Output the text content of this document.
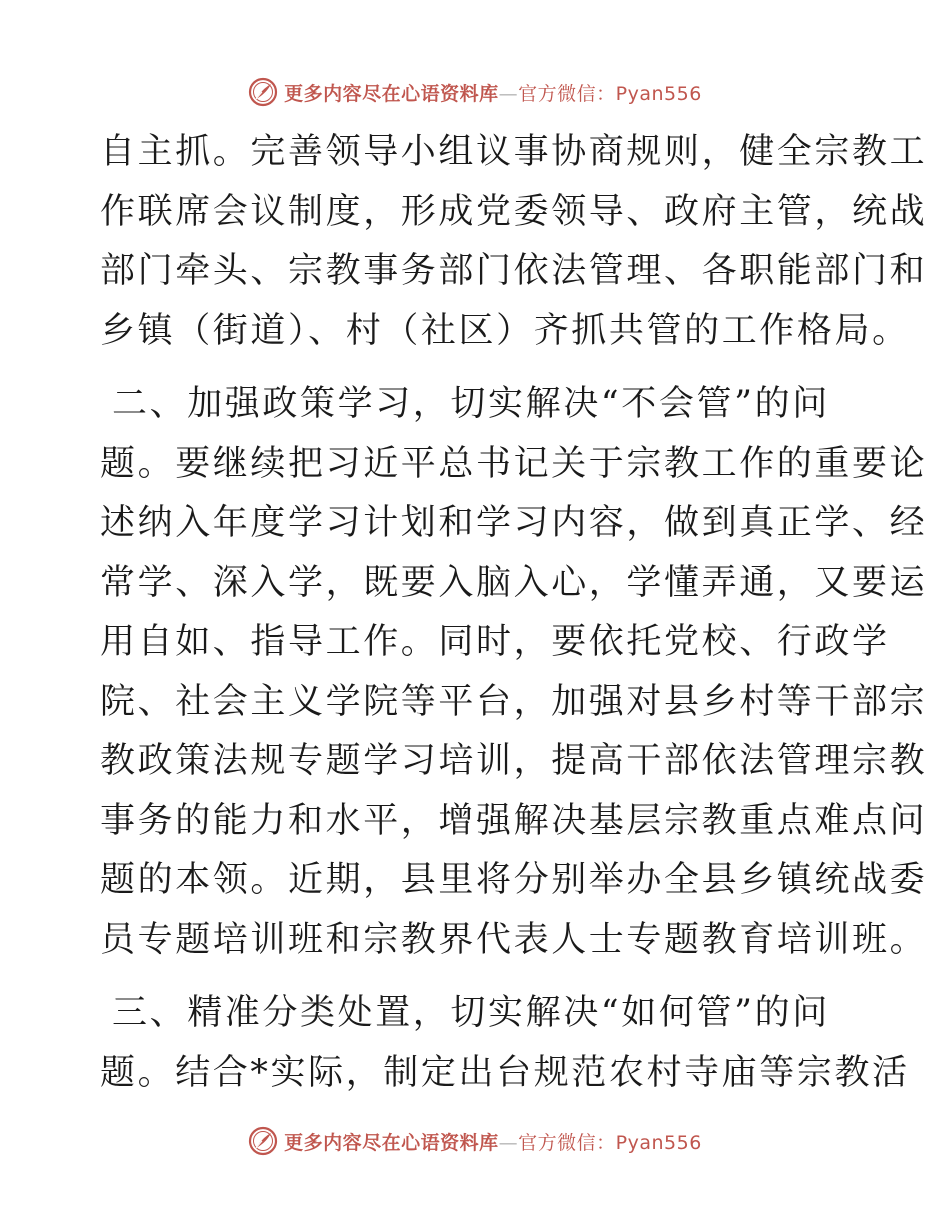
更多内容尽在心语资料库—官方微信：Pyan556
自主抓。完善领导小组议事协商规则，健全宗教工
作联席会议制度，形成党委领导、政府主管，统战
部门牵头、宗教事务部门依法管理、各职能部门和
乡镇（街道）、村（社区）齐抓共管的工作格局。
二、加强政策学习，切实解决“不会管”的问
题。要继续把习近平总书记关于宗教工作的重要论
述纳入年度学习计划和学习内容，做到真正学、经
常学、深入学，既要入脑入心，学懂弄通，又要运
用自如、指导工作。同时，要依托党校、行政学
院、社会主义学院等平台，加强对县乡村等干部宗
教政策法规专题学习培训，提高干部依法管理宗教
事务的能力和水平，增强解决基层宗教重点难点问
题的本领。近期，县里将分别举办全县乡镇统战委
员专题培训班和宗教界代表人士专题教育培训班。
三、精准分类处置，切实解决“如何管”的问
题。结合*实际，制定出台规范农村寺庙等宗教活
更多内容尽在心语资料库—官方微信：Pyan556
